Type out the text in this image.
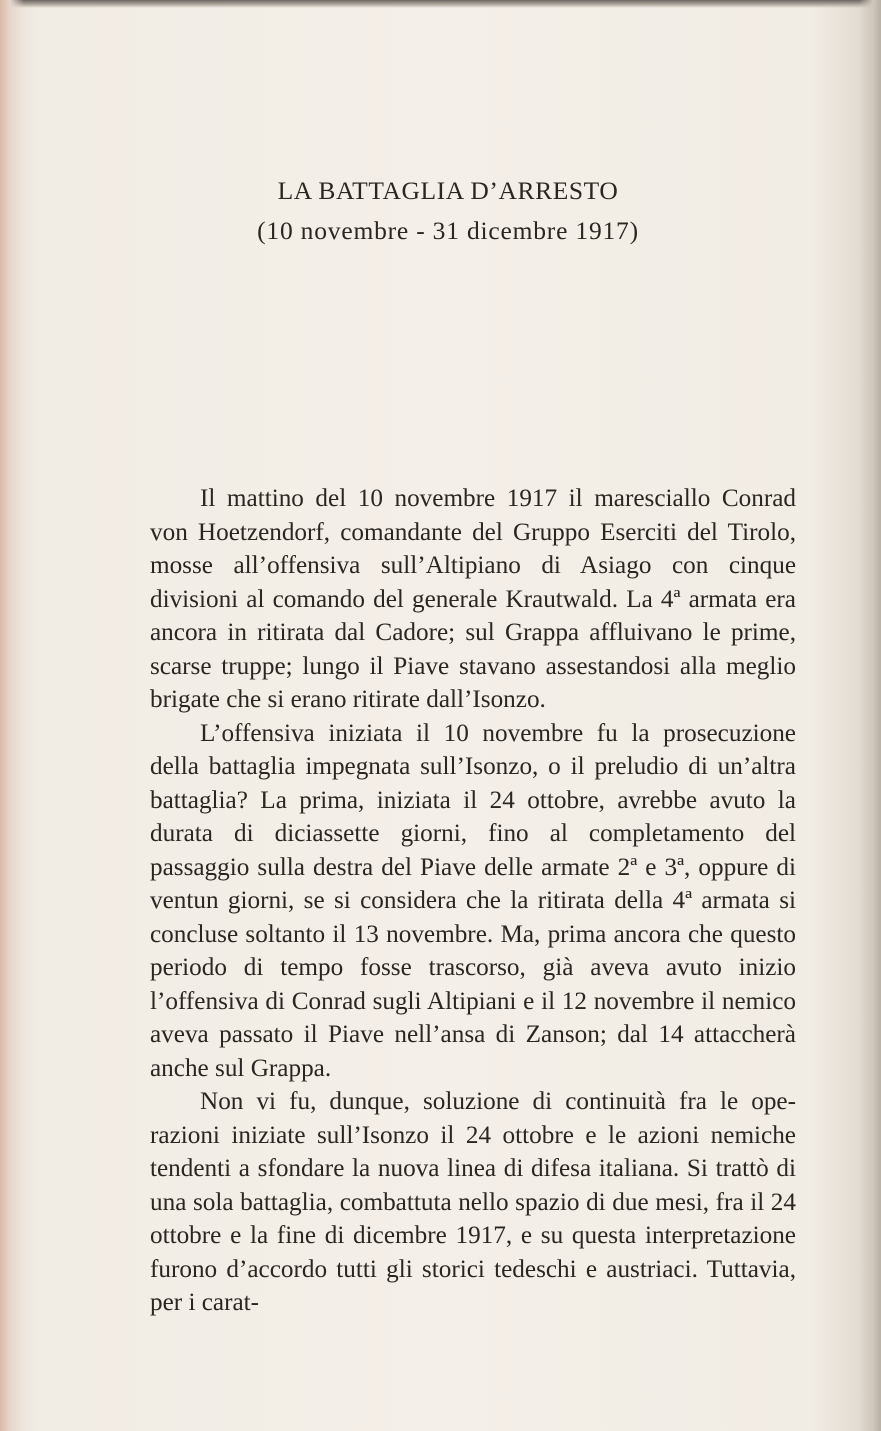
LA BATTAGLIA D’ARRESTO
(10 novembre - 31 dicembre 1917)

Il mattino del 10 novembre 1917 il maresciallo Conrad von Hoetzendorf, comandante del Gruppo Eserciti del Tirolo, mosse all’offensiva sull’Altipiano di Asiago con cinque divisioni al comando del generale Krautwald. La 4ª armata era ancora in ritirata dal Cadore; sul Grappa affluivano le prime, scarse truppe; lungo il Piave stavano assestandosi alla meglio brigate che si erano ritirate dall’Isonzo.

L’offensiva iniziata il 10 novembre fu la prosecuzione della battaglia impegnata sull’Isonzo, o il preludio di un’altra battaglia? La prima, iniziata il 24 ottobre, avrebbe avuto la durata di diciassette giorni, fino al completamento del passaggio sulla destra del Piave delle armate 2ª e 3ª, oppure di ventun giorni, se si considera che la ritirata della 4ª armata si concluse soltanto il 13 novembre. Ma, prima ancora che questo periodo di tempo fosse trascorso, già aveva avuto inizio l’offensiva di Conrad sugli Altipiani e il 12 novembre il nemico aveva passato il Piave nell’ansa di Zanson; dal 14 attaccherà anche sul Grappa.

Non vi fu, dunque, soluzione di continuità fra le operazioni iniziate sull’Isonzo il 24 ottobre e le azioni nemiche tendenti a sfondare la nuova linea di difesa italiana. Si trattò di una sola battaglia, combattuta nello spazio di due mesi, fra il 24 ottobre e la fine di dicembre 1917, e su questa interpretazione furono d’accordo tutti gli storici tedeschi e austriaci. Tuttavia, per i carat-
